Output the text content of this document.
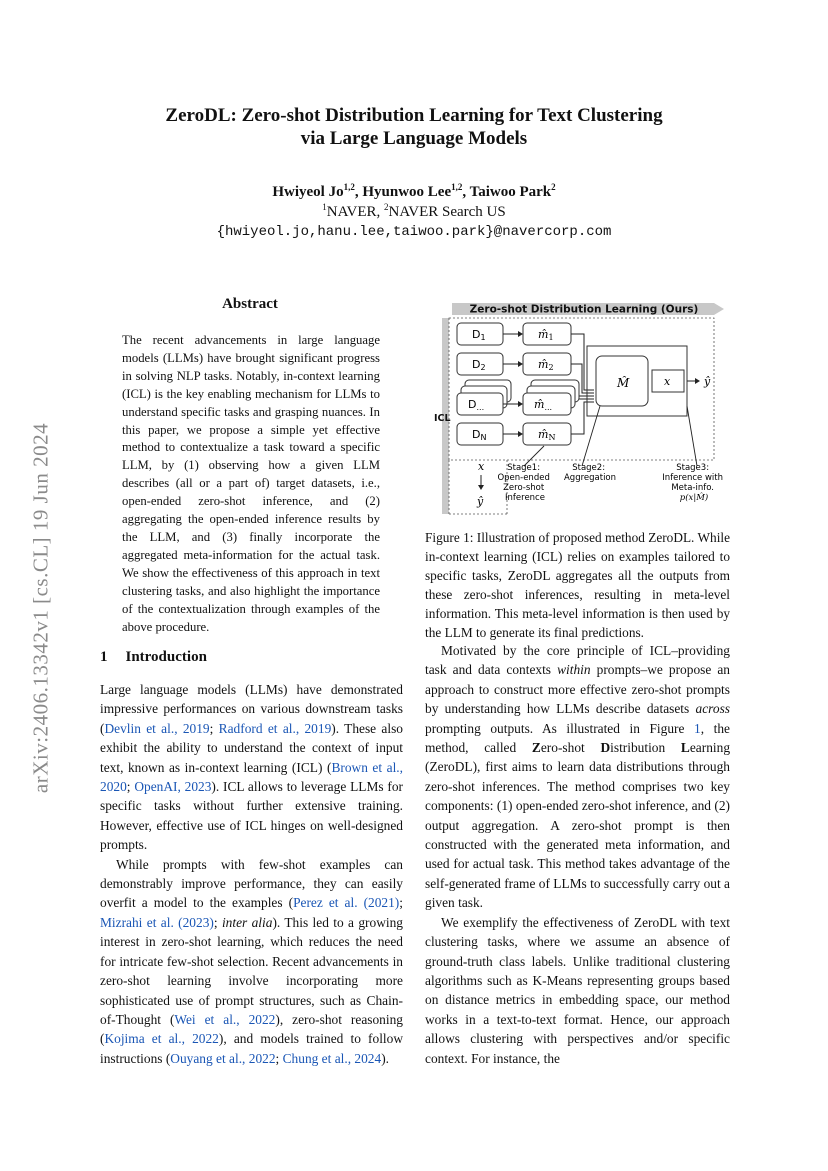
arXiv:2406.13342v1 [cs.CL] 19 Jun 2024
ZeroDL: Zero-shot Distribution Learning for Text Clustering
via Large Language Models
Hwiyeol Jo$^{1,2}$, Hyunwoo Lee$^{1,2}$, Taiwoo Park$^2$
$^1$NAVER, $^2$NAVER Search US
{hwiyeol.jo,hanu.lee,taiwoo.park}@navercorp.com
Abstract
The recent advancements in large language models (LLMs) have brought significant progress in solving NLP tasks. Notably, in-context learning (ICL) is the key enabling mechanism for LLMs to understand specific tasks and grasping nuances. In this paper, we propose a simple yet effective method to contextualize a task toward a specific LLM, by (1) observing how a given LLM describes (all or a part of) target datasets, i.e., open-ended zero-shot inference, and (2) aggregating the open-ended inference results by the LLM, and (3) finally incorporate the aggregated meta-information for the actual task. We show the effectiveness of this approach in text clustering tasks, and also highlight the importance of the contextualization through examples of the above procedure.
1 Introduction

Large language models (LLMs) have demonstrated impressive performances on various downstream tasks (Devlin et al., 2019; Radford et al., 2019). These also exhibit the ability to understand the context of input text, known as in-context learning (ICL) (Brown et al., 2020; OpenAI, 2023). ICL allows to leverage LLMs for specific tasks without further extensive training. However, effective use of ICL hinges on well-designed prompts.

While prompts with few-shot examples can demonstrably improve performance, they can easily overfit a model to the examples (Perez et al. (2021); Mizrahi et al. (2023); inter alia). This led to a growing interest in zero-shot learning, which reduces the need for intricate few-shot selection. Recent advancements in zero-shot learning involve incorporating more sophisticated use of prompt structures, such as Chain-of-Thought (Wei et al., 2022), zero-shot reasoning (Kojima et al., 2022), and models trained to follow instructions (Ouyang et al., 2022; Chung et al., 2024).

Zero-shot Distribution Learning (Ours)
ICL
D1
D2
D...
DN
m̂1
m̂2
m̂...
m̂N
M̂	x	ŷ
x
ŷ
Stage1: Open-ended Zero-shot Inference
Stage2: Aggregation
Stage3: Inference with Meta-info. p(x|M̂)
Figure 1: Illustration of proposed method ZeroDL. While in-context learning (ICL) relies on examples tailored to specific tasks, ZeroDL aggregates all the outputs from these zero-shot inferences, resulting in meta-level information. This meta-level information is then used by the LLM to generate its final predictions.

Motivated by the core principle of ICL–providing task and data contexts within prompts–we propose an approach to construct more effective zero-shot prompts by understanding how LLMs describe datasets across prompting outputs. As illustrated in Figure 1, the method, called Zero-shot Distribution Learning (ZeroDL), first aims to learn data distributions through zero-shot inferences. The method comprises two key components: (1) open-ended zero-shot inference, and (2) output aggregation. A zero-shot prompt is then constructed with the generated meta information, and used for actual task. This method takes advantage of the self-generated frame of LLMs to successfully carry out a given task.

We exemplify the effectiveness of ZeroDL with text clustering tasks, where we assume an absence of ground-truth class labels. Unlike traditional clustering algorithms such as K-Means representing groups based on distance metrics in embedding space, our method works in a text-to-text format. Hence, our approach allows clustering with perspectives and/or specific context. For instance, the
